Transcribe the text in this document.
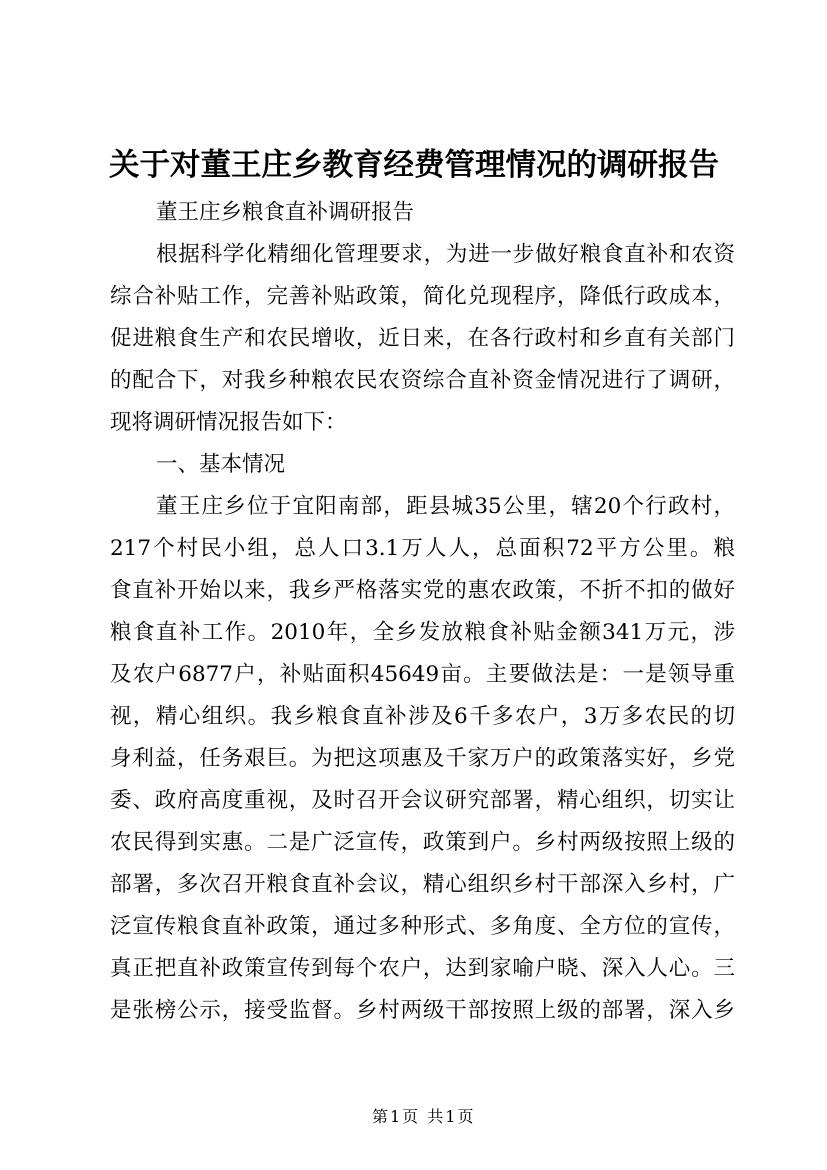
关于对董王庄乡教育经费管理情况的调研报告
董王庄乡粮食直补调研报告
根据科学化精细化管理要求，为进一步做好粮食直补和农资
综合补贴工作，完善补贴政策，简化兑现程序，降低行政成本，
促进粮食生产和农民增收，近日来，在各行政村和乡直有关部门
的配合下，对我乡种粮农民农资综合直补资金情况进行了调研，
现将调研情况报告如下：
一、基本情况
董王庄乡位于宜阳南部，距县城35公里，辖20个行政村，
217个村民小组，总人口3.1万人人，总面积72平方公里。粮
食直补开始以来，我乡严格落实党的惠农政策，不折不扣的做好
粮食直补工作。2010年，全乡发放粮食补贴金额341万元，涉
及农户6877户，补贴面积45649亩。主要做法是：一是领导重
视，精心组织。我乡粮食直补涉及6千多农户，3万多农民的切
身利益，任务艰巨。为把这项惠及千家万户的政策落实好，乡党
委、政府高度重视，及时召开会议研究部署，精心组织，切实让
农民得到实惠。二是广泛宣传，政策到户。乡村两级按照上级的
部署，多次召开粮食直补会议，精心组织乡村干部深入乡村，广
泛宣传粮食直补政策，通过多种形式、多角度、全方位的宣传，
真正把直补政策宣传到每个农户，达到家喻户晓、深入人心。三
是张榜公示，接受监督。乡村两级干部按照上级的部署，深入乡
第1页 共1页
